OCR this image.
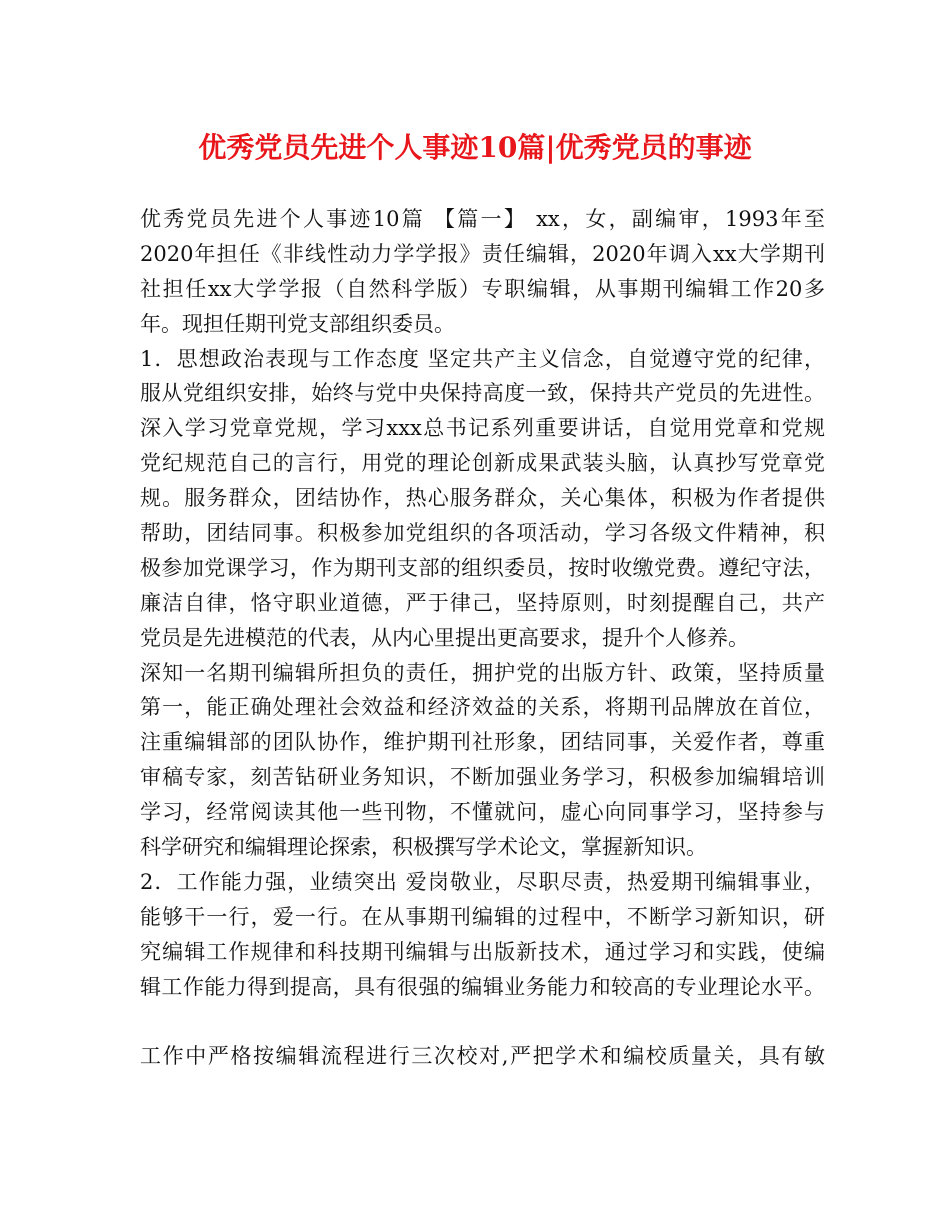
优秀党员先进个人事迹10篇|优秀党员的事迹
优秀党员先进个人事迹10篇 【篇一】 xx，女，副编审，1993年至
2020年担任《非线性动力学学报》责任编辑，2020年调入xx大学期刊
社担任xx大学学报（自然科学版）专职编辑，从事期刊编辑工作20多
年。现担任期刊党支部组织委员。
1．思想政治表现与工作态度 坚定共产主义信念，自觉遵守党的纪律，
服从党组织安排，始终与党中央保持高度一致，保持共产党员的先进性。
深入学习党章党规，学习xxx总书记系列重要讲话，自觉用党章和党规
党纪规范自己的言行，用党的理论创新成果武装头脑，认真抄写党章党
规。服务群众，团结协作，热心服务群众，关心集体，积极为作者提供
帮助，团结同事。积极参加党组织的各项活动，学习各级文件精神，积
极参加党课学习，作为期刊支部的组织委员，按时收缴党费。遵纪守法，
廉洁自律，恪守职业道德，严于律己，坚持原则，时刻提醒自己，共产
党员是先进模范的代表，从内心里提出更高要求，提升个人修养。
深知一名期刊编辑所担负的责任，拥护党的出版方针、政策，坚持质量
第一，能正确处理社会效益和经济效益的关系，将期刊品牌放在首位，
注重编辑部的团队协作，维护期刊社形象，团结同事，关爱作者，尊重
审稿专家，刻苦钻研业务知识，不断加强业务学习，积极参加编辑培训
学习，经常阅读其他一些刊物，不懂就问，虚心向同事学习，坚持参与
科学研究和编辑理论探索，积极撰写学术论文，掌握新知识。
2．工作能力强，业绩突出 爱岗敬业，尽职尽责，热爱期刊编辑事业，
能够干一行，爱一行。在从事期刊编辑的过程中，不断学习新知识，研
究编辑工作规律和科技期刊编辑与出版新技术，通过学习和实践，使编
辑工作能力得到提高，具有很强的编辑业务能力和较高的专业理论水平。
工作中严格按编辑流程进行三次校对,严把学术和编校质量关，具有敏
